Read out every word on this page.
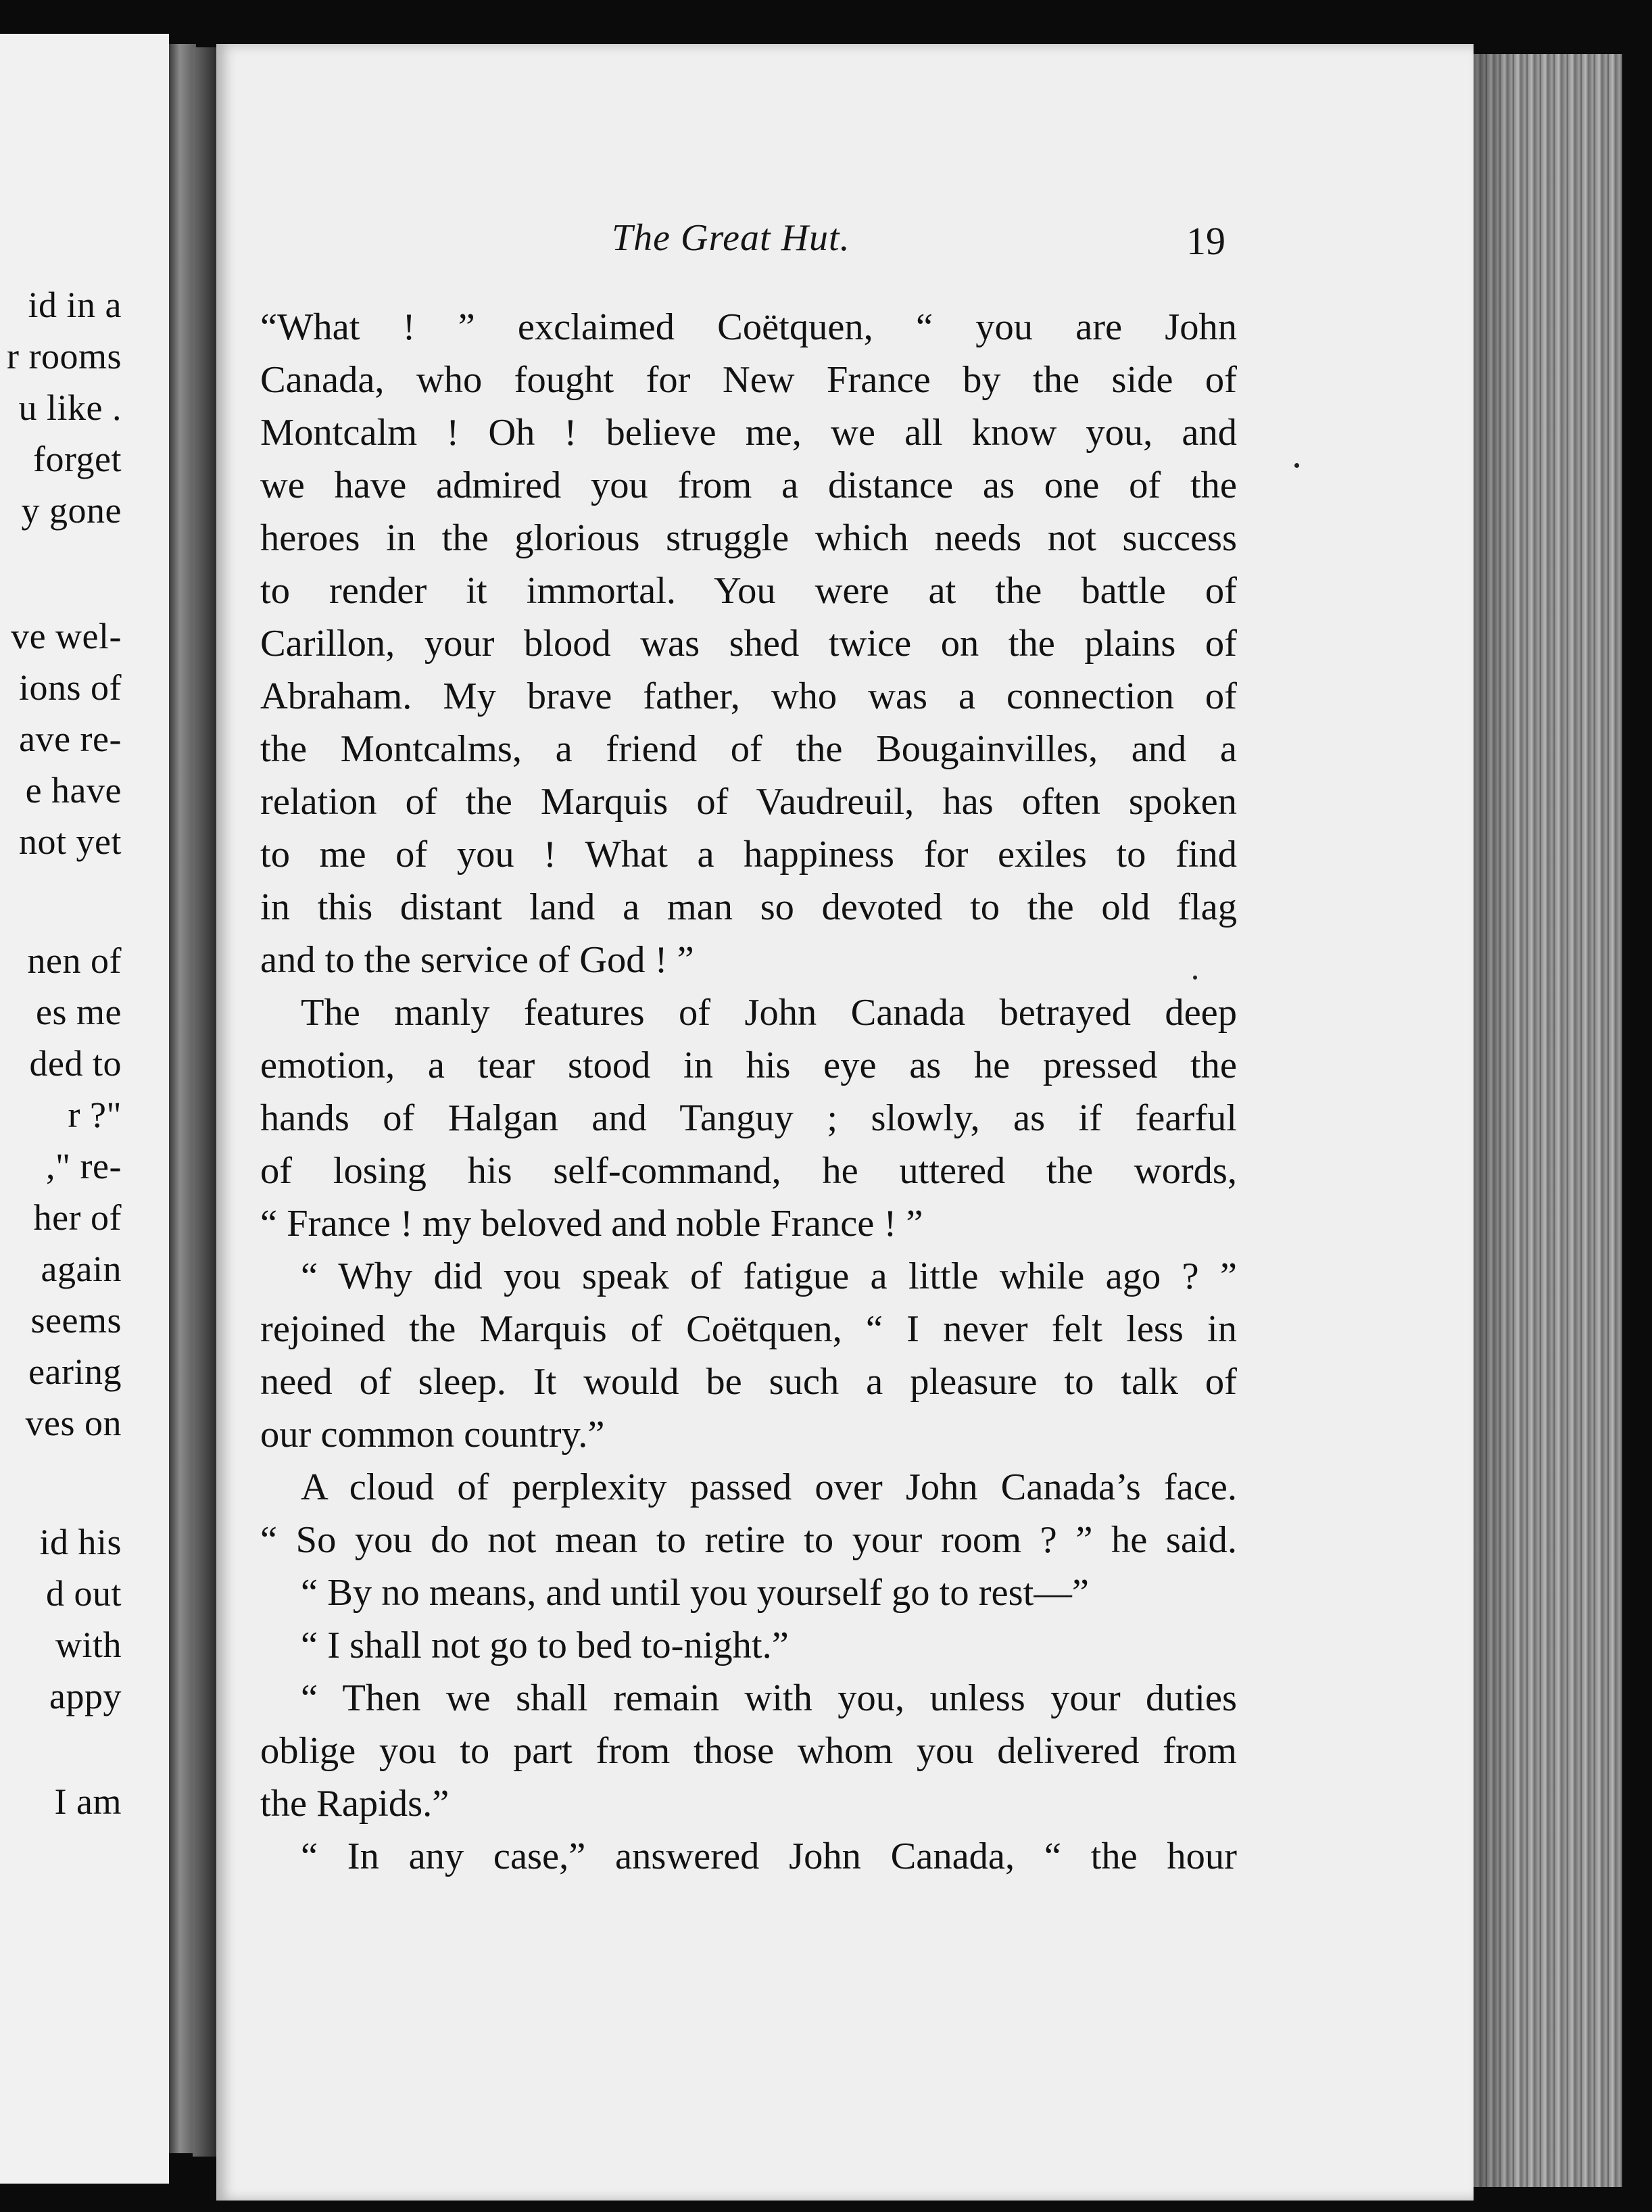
id in a
r rooms
u like .
forget
y gone
ve wel-
ions of
ave re-
e have
not yet
nen of
es me
ded to
r ?"
," re-
her of
again
seems
earing
ves on
id his
d out
with
appy
I am
The Great Hut.	19
“What ! ” exclaimed Coëtquen, “ you are John
Canada, who fought for New France by the side of
Montcalm ! Oh ! believe me, we all know you, and
we have admired you from a distance as one of the
heroes in the glorious struggle which needs not success
to render it immortal. You were at the battle of
Carillon, your blood was shed twice on the plains of
Abraham. My brave father, who was a connection of
the Montcalms, a friend of the Bougainvilles, and a
relation of the Marquis of Vaudreuil, has often spoken
to me of you ! What a happiness for exiles to find
in this distant land a man so devoted to the old flag
and to the service of God ! ”
The manly features of John Canada betrayed deep
emotion, a tear stood in his eye as he pressed the
hands of Halgan and Tanguy ; slowly, as if fearful
of losing his self-command, he uttered the words,
“ France ! my beloved and noble France ! ”
“ Why did you speak of fatigue a little while ago ? ”
rejoined the Marquis of Coëtquen, “ I never felt less in
need of sleep. It would be such a pleasure to talk of
our common country.”
A cloud of perplexity passed over John Canada’s face.
“ So you do not mean to retire to your room ? ” he said.
“ By no means, and until you yourself go to rest—”
“ I shall not go to bed to-night.”
“ Then we shall remain with you, unless your duties
oblige you to part from those whom you delivered from
the Rapids.”
“ In any case,” answered John Canada, “ the hour
